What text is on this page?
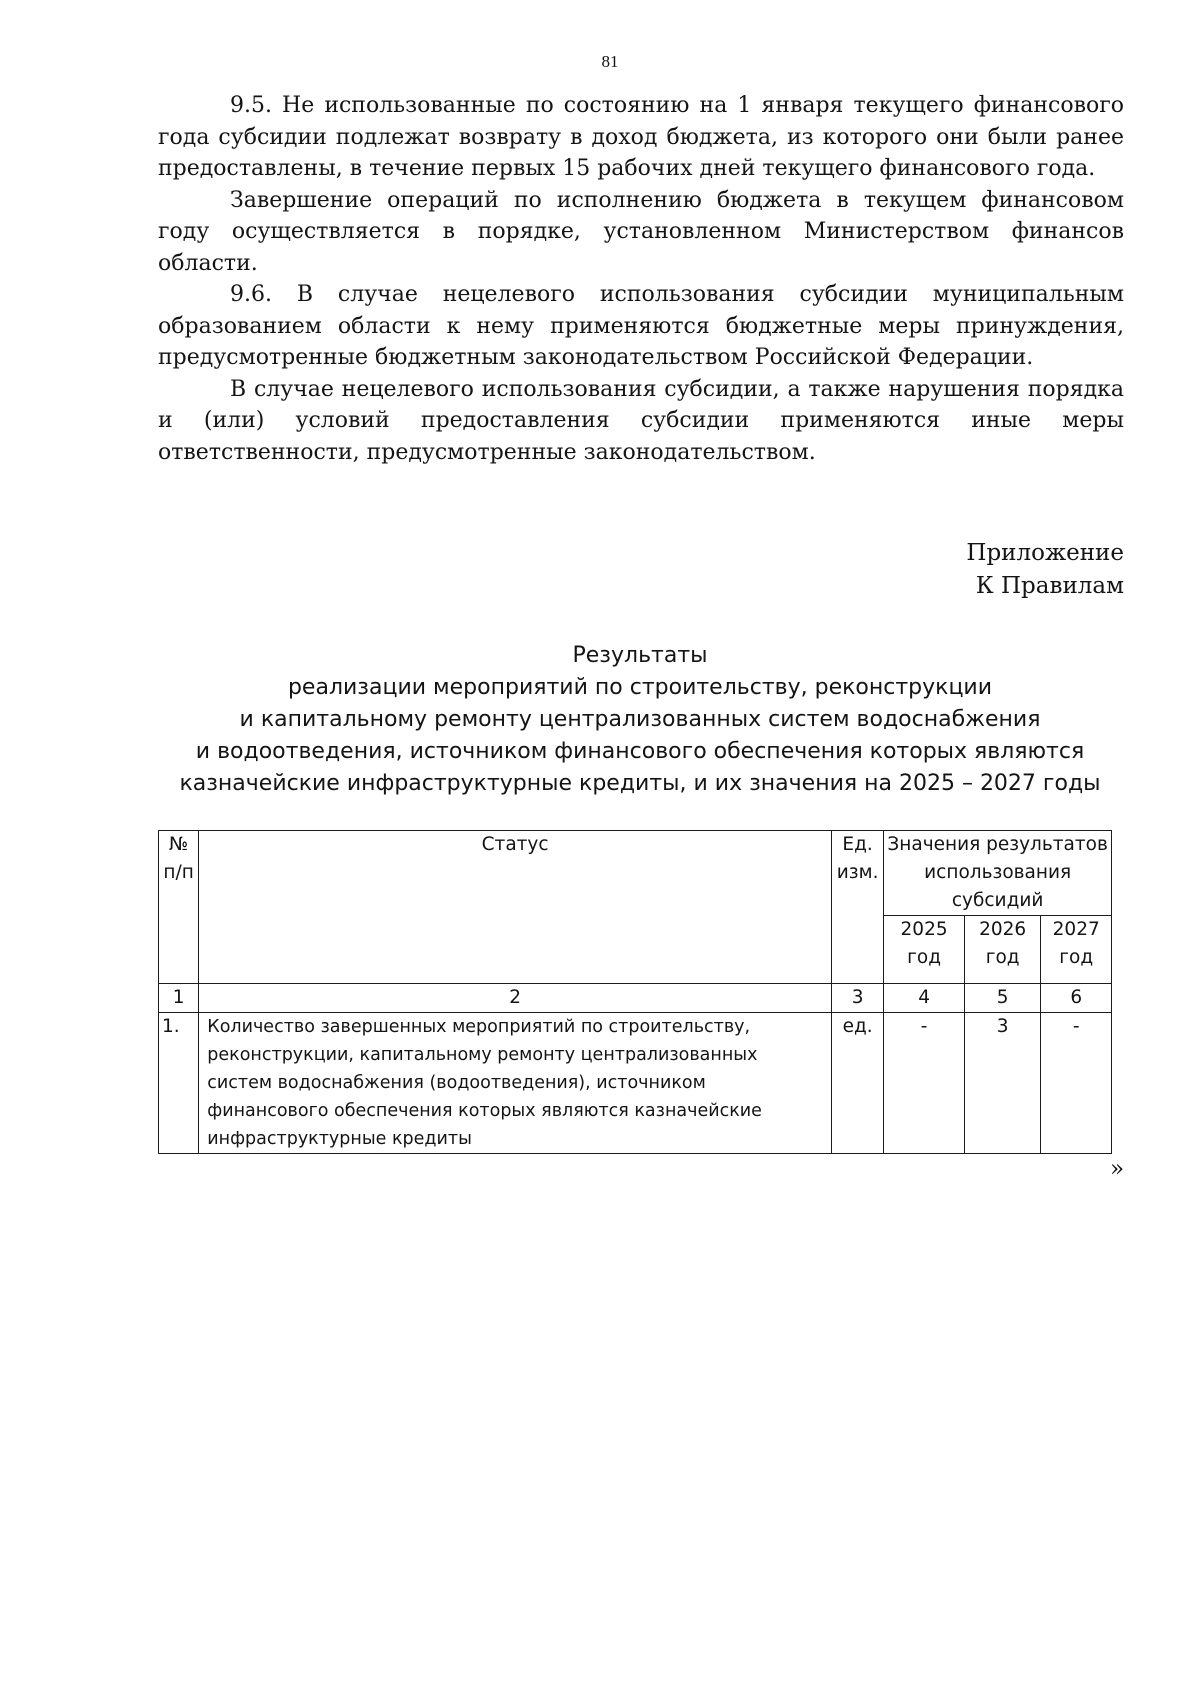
81

9.5. Не использованные по состоянию на 1 января текущего финансового года субсидии подлежат возврату в доход бюджета, из которого они были ранее предоставлены, в течение первых 15 рабочих дней текущего финансового года.

Завершение операций по исполнению бюджета в текущем финансовом году осуществляется в порядке, установленном Министерством финансов области.

9.6. В случае нецелевого использования субсидии муниципальным образованием области к нему применяются бюджетные меры принуждения, предусмотренные бюджетным законодательством Российской Федерации.

В случае нецелевого использования субсидии, а также нарушения порядка и (или) условий предоставления субсидии применяются иные меры ответственности, предусмотренные законодательством.

Приложение
К Правилам
Результаты
реализации мероприятий по строительству, реконструкции
и капитальному ремонту централизованных систем водоснабжения
и водоотведения, источником финансового обеспечения которых являются
казначейские инфраструктурные кредиты, и их значения на 2025 – 2027 годы
№ п/п	Статус	Ед. изм.	Значения результатов использования субсидий		
			2025 год	2026 год	2027 год
1	2	3	4	5	6
1.	Количество завершенных мероприятий по строительству, реконструкции, капитальному ремонту централизованных систем водоснабжения (водоотведения), источником финансового обеспечения которых являются казначейские инфраструктурные кредиты	ед.	-	3	-
»
